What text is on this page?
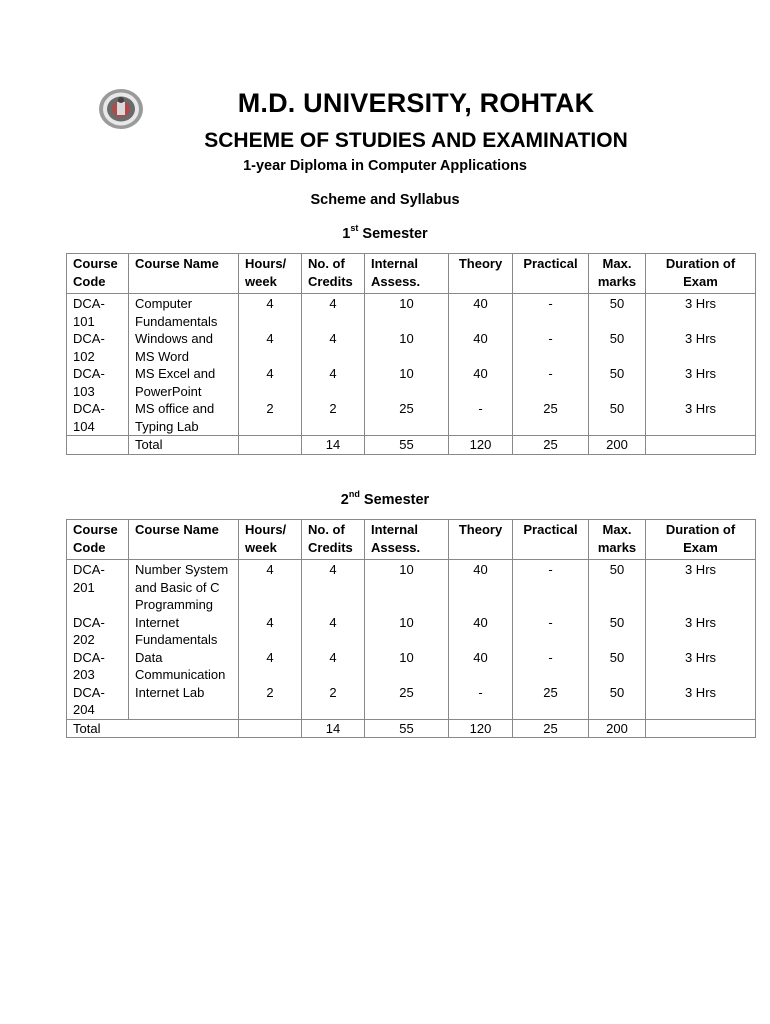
M.D. UNIVERSITY, ROHTAK
SCHEME OF STUDIES AND EXAMINATION
1-year Diploma in Computer Applications
Scheme and Syllabus
1st Semester
Course Code	Course Name	Hours/ week	No. of Credits	Internal Assess.	Theory	Practical	Max. marks	Duration of Exam
DCA-101	Computer Fundamentals	4	4	10	40	-	50	3 Hrs
DCA-102	Windows and MS Word	4	4	10	40	-	50	3 Hrs
DCA-103	MS Excel and PowerPoint	4	4	10	40	-	50	3 Hrs
DCA-104	MS office and Typing Lab	2	2	25	-	25	50	3 Hrs
	Total		14	55	120	25	200	
2nd Semester
Course Code	Course Name	Hours/ week	No. of Credits	Internal Assess.	Theory	Practical	Max. marks	Duration of Exam
DCA-201	Number System and Basic of C Programming	4	4	10	40	-	50	3 Hrs
DCA-202	Internet Fundamentals	4	4	10	40	-	50	3 Hrs
DCA-203	Data Communication	4	4	10	40	-	50	3 Hrs
DCA-204	Internet Lab	2	2	25	-	25	50	3 Hrs
Total			14	55	120	25	200	
